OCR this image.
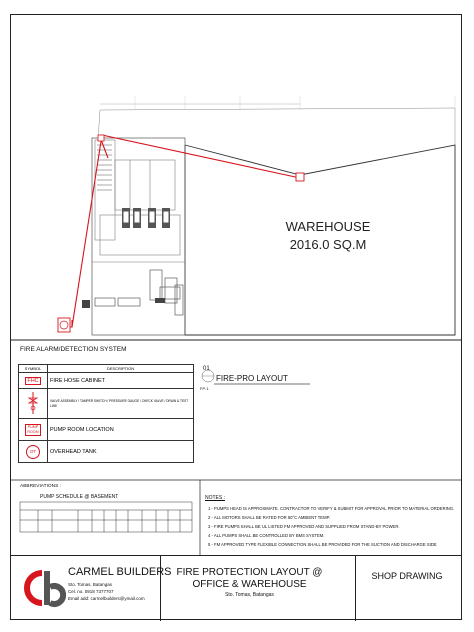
WAREHOUSE
2016.0 SQ.M
01
FP-1
FIRE-PRO LAYOUT
FIRE ALARM/DETECTION SYSTEM
SYMBOL	DESCRIPTION
FHC	FIRE HOSE CABINET
	VALVE ASSEMBLY / TAMPER SWITCH / PRESSURE GAUGE / CHECK VALVE / DRAIN & TEST LINE
PUMP ROOM	PUMP ROOM LOCATION
OT	OVERHEAD TANK
ABBREVIATIONS :
PUMP SCHEDULE @ BASEMENT	NOTES :
1 - PUMPS HEAD IS APPROXIMATE. CONTRACTOR TO VERIFY & SUBMIT FOR APPROVAL PRIOR TO MATERIAL ORDERING.
2 - ALL MOTORS SHALL BE RATED FOR 50°C AMBIENT TEMP.
3 - FIRE PUMPS SHALL BE UL LISTED FM APPROVED AND SUPPLIED FROM STAND-BY POWER.
4 - ALL PUMPS SHALL BE CONTROLLED BY BMS SYSTEM.
5 - FM APPROVED TYPE FLEXIBLE CONNECTION SHALL BE PROVIDED FOR THE SUCTION AND DISCHARGE SIDE
CARMEL BUILDERS
Sto. Tomas, Batangas
Cel. no. 0918 7377707
Email add: carmelbuilders@ymail.com
FIRE PROTECTION LAYOUT @
OFFICE & WAREHOUSE
Sto. Tomas, Batangas
SHOP DRAWING
